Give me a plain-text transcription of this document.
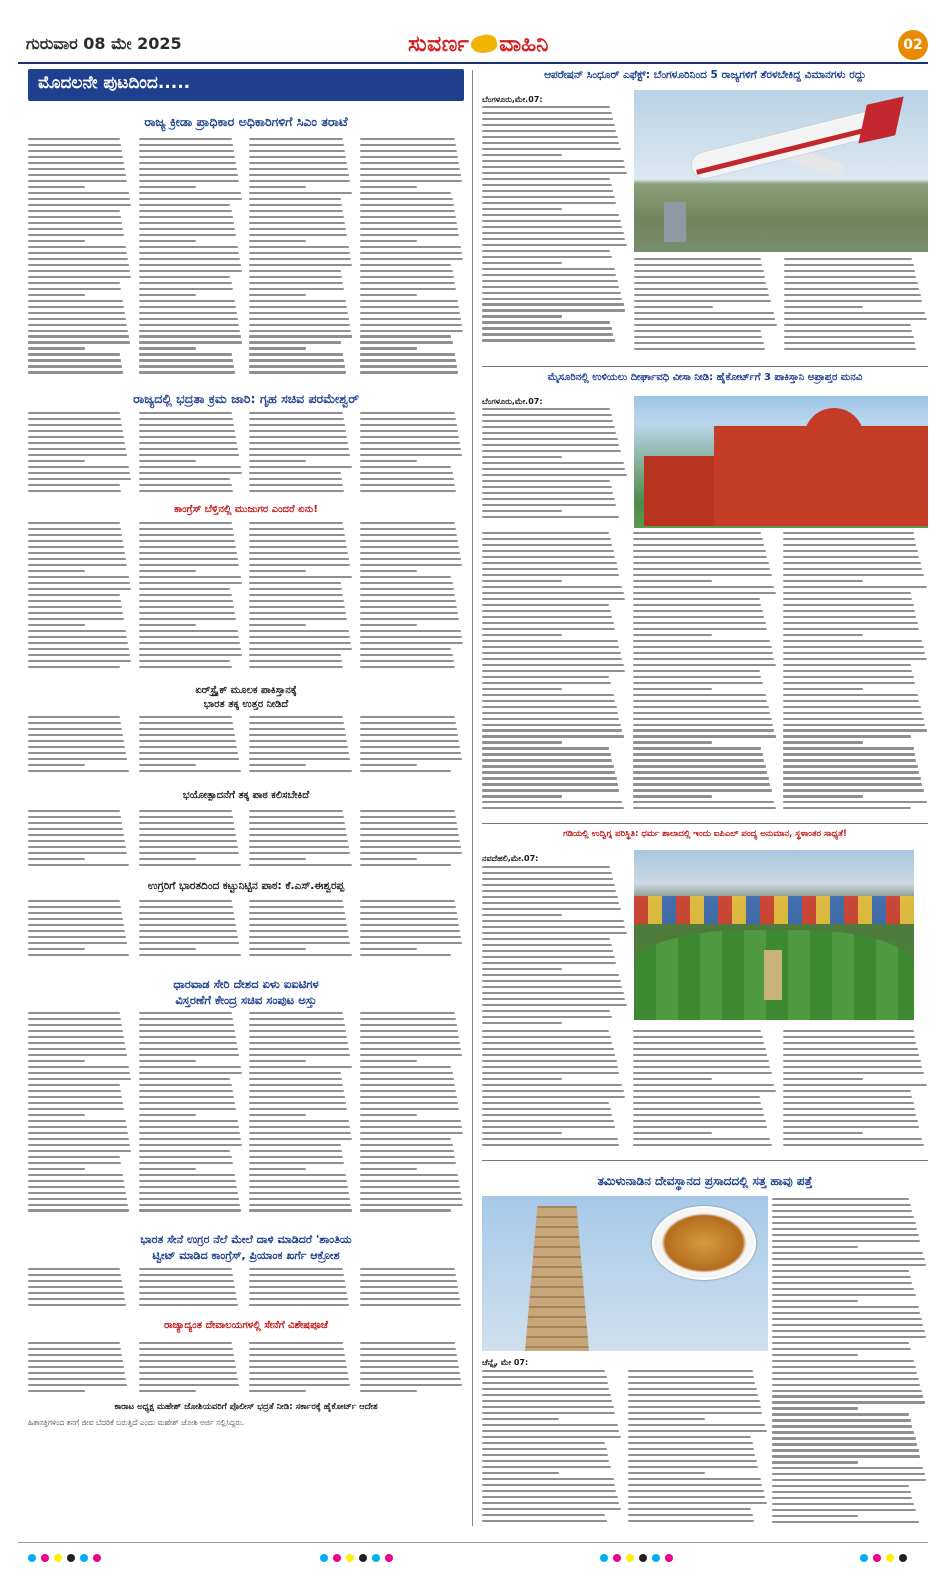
ಗುರುವಾರ 08 ಮೇ 2025	ಸುವರ್ಣ ವಾಹಿನಿ	02
ಮೊದಲನೇ ಪುಟದಿಂದ.....
ರಾಜ್ಯ ಕ್ರೀಡಾ ಪ್ರಾಧಿಕಾರ ಅಧಿಕಾರಿಗಳಿಗೆ ಸಿಎಂ ತರಾಟೆ
ರಾಜ್ಯದಲ್ಲಿ ಭದ್ರತಾ ಕ್ರಮ ಜಾರಿ: ಗೃಹ ಸಚಿವ ಪರಮೇಶ್ವರ್
ಕಾಂಗ್ರೆಸ್ ಬೆಳ್ತಿನಲ್ಲಿ ಮುಜುಗರ ಎಂದರೆ ಏನು!
ಏರ್‌ಸ್ಟ್ರೈಕ್ ಮೂಲಕ ಪಾಕಿಸ್ತಾನಕ್ಕೆ
ಭಾರತ ತಕ್ಕ ಉತ್ತರ ನೀಡಿದೆ
ಭಯೋತ್ಪಾದನೆಗೆ ತಕ್ಕ ಪಾಠ ಕಲಿಸಬೇಕಿದೆ
ಉಗ್ರರಿಗೆ ಭಾರತದಿಂದ ಕಟ್ಟುನಿಟ್ಟಿನ ಪಾಠ: ಕೆ.ಎಸ್.ಈಶ್ವರಪ್ಪ
ಧಾರವಾಡ ಸೇರಿ ದೇಶದ ಏಳು ಐಐಟಿಗಳ
ವಿಸ್ತರಣೆಗೆ ಕೇಂದ್ರ ಸಚಿವ ಸಂಪುಟ ಅಸ್ತು
ಭಾರತ ಸೇನೆ ಉಗ್ರರ ನೆಲೆ ಮೇಲೆ ದಾಳಿ ಮಾಡಿದರೆ 'ಶಾಂತಿಯ
ಟ್ವೀಟ್ ಮಾಡಿದ ಕಾಂಗ್ರೆಸ್, ಪ್ರಿಯಾಂಕ ಖರ್ಗೆ ಆಕ್ರೋಶ
ರಾಜ್ಯಾದ್ಯಂತ ದೇವಾಲಯಗಳಲ್ಲಿ ಸೇನೆಗೆ ವಿಶೇಷಪೂಜೆ
ಕಾರಾಟ ಅಧ್ಯಕ್ಷ ಮಹೇಶ್ ಜೋಶಿಯವರಿಗೆ ಪೊಲೀಸ್ ಭದ್ರತೆ ನೀಡಿ: ಸರ್ಕಾರಕ್ಕೆ ಹೈಕೋರ್ಟ್ ಆದೇಶ
ಹಿತಾಸಕ್ತಿಗಳಿಂದ ತನಗೆ ಜೀವ ಬೆದರಿಕೆ ಬರುತ್ತಿದೆ ಎಂದು ಮಹೇಶ್ ಜೋಶಿ ಅರ್ಜಿ ಸಲ್ಲಿಸಿದ್ದರು.
ಆಪರೇಷನ್ ಸಿಂಧೂರ್ ಎಫೆಕ್ಟ್: ಬೆಂಗಳೂರಿನಿಂದ 5 ರಾಜ್ಯಗಳಿಗೆ ತೆರಳಬೇಕಿದ್ದ ವಿಮಾನಗಳು ರದ್ದು
ಬೆಂಗಳೂರು,ಮೇ.07:
ಮೈಸೂರಿನಲ್ಲಿ ಉಳಿಯಲು ದೀರ್ಘಾವಧಿ ವೀಸಾ ನೀಡಿ: ಹೈಕೋರ್ಟ್‌ಗೆ 3 ಪಾಕಿಸ್ತಾನಿ ಅಪ್ರಾಪ್ತರ ಮನವಿ
ಬೆಂಗಳೂರು,ಮೇ.07:
ಗಡಿಯಲ್ಲಿ ಉದ್ವಿಗ್ನ ಪರಿಸ್ಥಿತಿ: ಧರ್ಮ ಶಾಲಾದಲ್ಲಿ ಇಂದು ಐಪಿಎಲ್ ಪಂದ್ಯ ಅನುಮಾನ, ಸ್ಥಳಾಂತರ ಸಾಧ್ಯತೆ!
ನವದೆಹಲಿ,ಮೇ.07:
ತಮಿಳುನಾಡಿನ ದೇವಸ್ಥಾನದ ಪ್ರಸಾದದಲ್ಲಿ ಸತ್ತ ಹಾವು ಪತ್ತೆ
ಚೆನ್ನೈ, ಮೇ 07:
